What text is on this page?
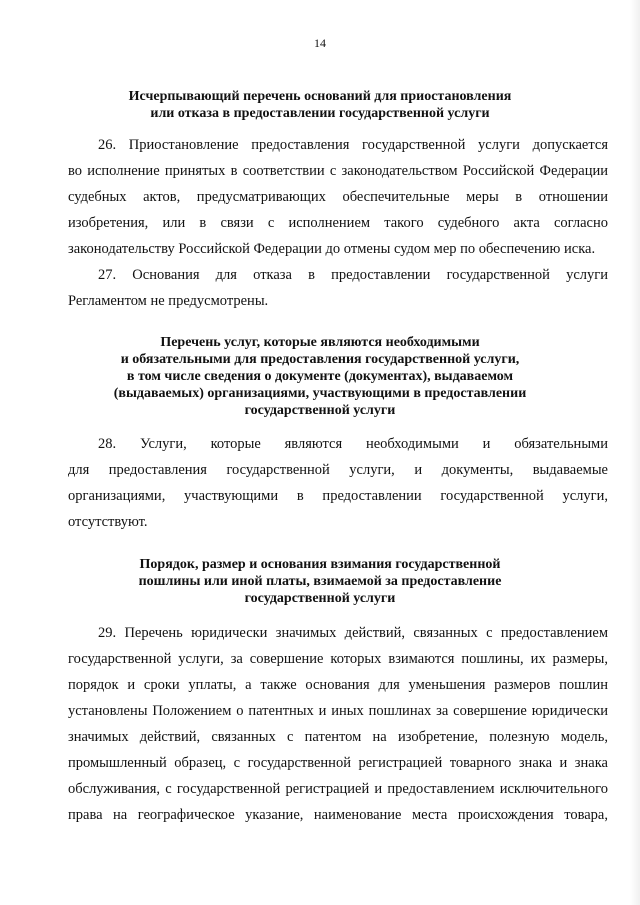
14
Исчерпывающий перечень оснований для приостановления
или отказа в предоставлении государственной услуги
26. Приостановление предоставления государственной услуги допускается
во исполнение принятых в соответствии с законодательством Российской Федерации
судебных актов, предусматривающих обеспечительные меры в отношении
изобретения, или в связи с исполнением такого судебного акта согласно
законодательству Российской Федерации до отмены судом мер по обеспечению иска.
27. Основания для отказа в предоставлении государственной услуги
Регламентом не предусмотрены.
Перечень услуг, которые являются необходимыми
и обязательными для предоставления государственной услуги,
в том числе сведения о документе (документах), выдаваемом
(выдаваемых) организациями, участвующими в предоставлении
государственной услуги
28. Услуги, которые являются необходимыми и обязательными
для предоставления государственной услуги, и документы, выдаваемые
организациями, участвующими в предоставлении государственной услуги,
отсутствуют.
Порядок, размер и основания взимания государственной
пошлины или иной платы, взимаемой за предоставление
государственной услуги
29. Перечень юридически значимых действий, связанных с предоставлением
государственной услуги, за совершение которых взимаются пошлины, их размеры,
порядок и сроки уплаты, а также основания для уменьшения размеров пошлин
установлены Положением о патентных и иных пошлинах за совершение юридически
значимых действий, связанных с патентом на изобретение, полезную модель,
промышленный образец, с государственной регистрацией товарного знака и знака
обслуживания, с государственной регистрацией и предоставлением исключительного
права на географическое указание, наименование места происхождения товара,
